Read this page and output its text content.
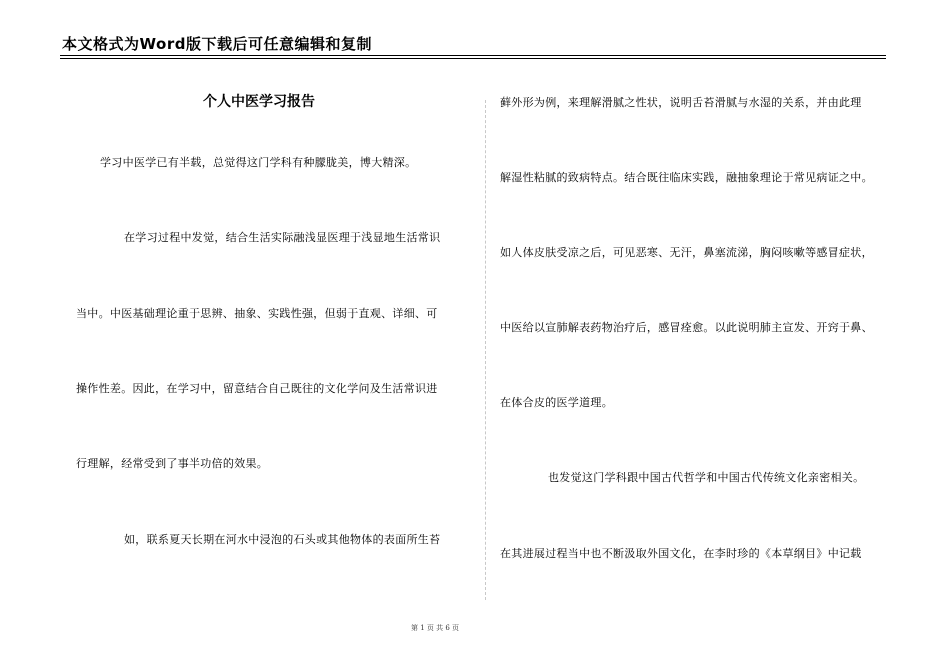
本文格式为Word版下载后可任意编辑和复制
个人中医学习报告
学习中医学已有半载，总觉得这门学科有种朦胧美，博大精深。
在学习过程中发觉，结合生活实际融浅显医理于浅显地生活常识
当中。中医基础理论重于思辨、抽象、实践性强，但弱于直观、详细、可
操作性差。因此，在学习中，留意结合自己既往的文化学问及生活常识进
行理解，经常受到了事半功倍的效果。
如，联系夏天长期在河水中浸泡的石头或其他物体的表面所生苔
藓外形为例，来理解滑腻之性状，说明舌苔滑腻与水湿的关系，并由此理
解湿性粘腻的致病特点。结合既往临床实践，融抽象理论于常见病证之中。
如人体皮肤受凉之后，可见恶寒、无汗，鼻塞流涕，胸闷咳嗽等感冒症状，
中医给以宣肺解表药物治疗后，感冒痊愈。以此说明肺主宣发、开窍于鼻、
在体合皮的医学道理。
也发觉这门学科跟中国古代哲学和中国古代传统文化亲密相关。
在其进展过程当中也不断汲取外国文化，在李时珍的《本草纲目》中记载
第 1 页 共 6 页
